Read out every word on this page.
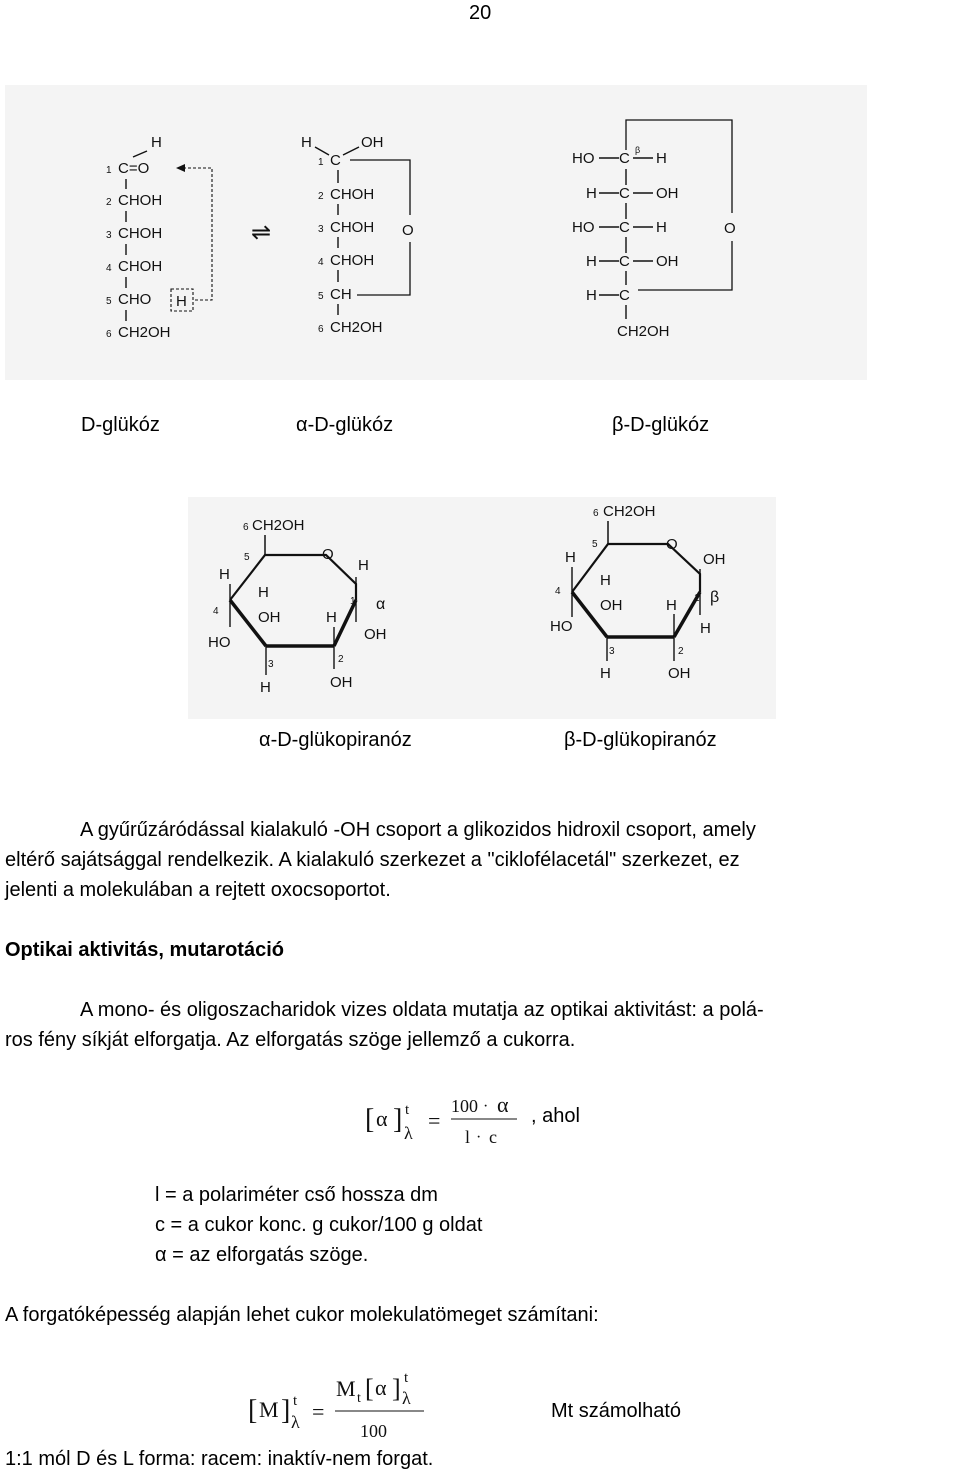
20
H
1 C=O
2 CHOH
3 CHOH
4 CHOH
5 CHO H
6 CH2OH
⇌
H	OH
1 C
2 CHOH
3 CHOH
4 CHOH
5 CH
6 CH2OH
O	O
HO C β H
H C OH
HO C H
H C OH
H C
CH2OH
D-glükóz	α-D-glükóz	β-D-glükóz
6 CH2OH
5	O
H
H
4
H
OH	H
1 α
OH
HO
3
H
2
OH
6 CH2OH
5	O
H	OH
4
H
OH	H 1 β
H
HO
3
H
2
OH
α-D-glükopiranóz	β-D-glükopiranóz
A gyűrűzáródással kialakuló -OH csoport a glikozidos hidroxil csoport, amely
eltérő sajátsággal rendelkezik. A kialakuló szerkezet a "ciklofélacetál" szerkezet, ez
jelenti a molekulában a rejtett oxocsoportot.
Optikai aktivitás, mutarotáció
A mono- és oligoszacharidok vizes oldata mutatja az optikai aktivitást: a polá-
ros fény síkját elforgatja. Az elforgatás szöge jellemző a cukorra.
[ α ] t
λ =
100 · α
l · c
, ahol
l = a polariméter cső hossza dm
c = a cukor konc. g cukor/100 g oldat
α = az elforgatás szöge.
A forgatóképesség alapján lehet cukor molekulatömeget számítani:
[ M ] t
λ =
M t [ α ] t
λ
100
Mt számolható
1:1 mól D és L forma: racem: inaktív-nem forgat.
